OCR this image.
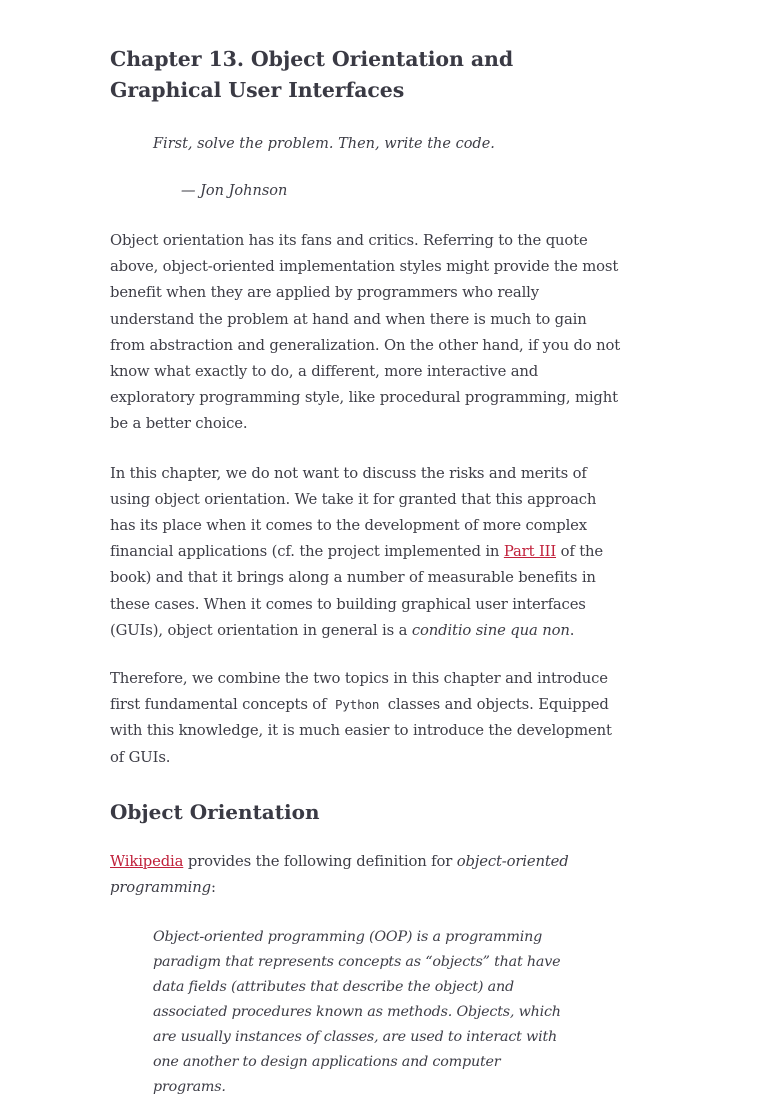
Chapter 13. Object Orientation and Graphical User Interfaces
First, solve the problem. Then, write the code.
— Jon Johnson

Object orientation has its fans and critics. Referring to the quote above, object-oriented implementation styles might provide the most benefit when they are applied by programmers who really understand the problem at hand and when there is much to gain from abstraction and generalization. On the other hand, if you do not know what exactly to do, a different, more interactive and exploratory programming style, like procedural programming, might be a better choice.

In this chapter, we do not want to discuss the risks and merits of using object orientation. We take it for granted that this approach has its place when it comes to the development of more complex financial applications (cf. the project implemented in Part III of the book) and that it brings along a number of measurable benefits in these cases. When it comes to building graphical user interfaces (GUIs), object orientation in general is a conditio sine qua non.

Therefore, we combine the two topics in this chapter and introduce first fundamental concepts of Python classes and objects. Equipped with this knowledge, it is much easier to introduce the development of GUIs.

Object Orientation

Wikipedia provides the following definition for object-oriented programming:

Object-oriented programming (OOP) is a programming paradigm that represents concepts as “objects” that have data fields (attributes that describe the object) and associated procedures known as methods. Objects, which are usually instances of classes, are used to interact with one another to design applications and computer programs.
